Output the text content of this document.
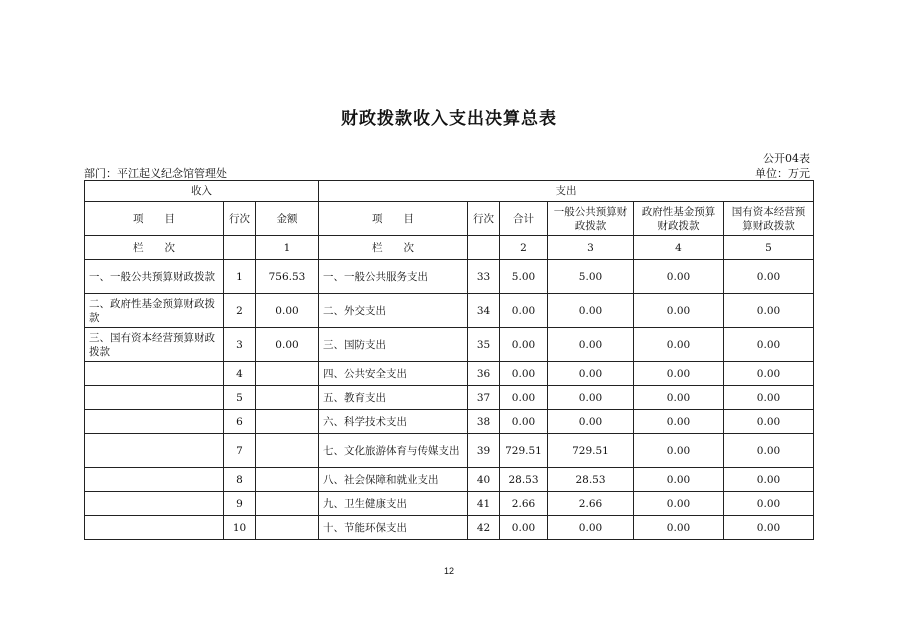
财政拨款收入支出决算总表
公开04表
部门：平江起义纪念馆管理处	单位：万元
收入			支出					
项　　目	行次	金额	项　　目	行次	合计	一般公共预算财政拨款	政府性基金预算财政拨款	国有资本经营预算财政拨款
栏　　次		1	栏　　次		2	3	4	5
一、一般公共预算财政拨款	1	756.53	一、一般公共服务支出	33	5.00	5.00	0.00	0.00
二、政府性基金预算财政拨款	2	0.00	二、外交支出	34	0.00	0.00	0.00	0.00
三、国有资本经营预算财政拨款	3	0.00	三、国防支出	35	0.00	0.00	0.00	0.00
	4		四、公共安全支出	36	0.00	0.00	0.00	0.00
	5		五、教育支出	37	0.00	0.00	0.00	0.00
	6		六、科学技术支出	38	0.00	0.00	0.00	0.00
	7		七、文化旅游体育与传媒支出	39	729.51	729.51	0.00	0.00
	8		八、社会保障和就业支出	40	28.53	28.53	0.00	0.00
	9		九、卫生健康支出	41	2.66	2.66	0.00	0.00
	10		十、节能环保支出	42	0.00	0.00	0.00	0.00
12
